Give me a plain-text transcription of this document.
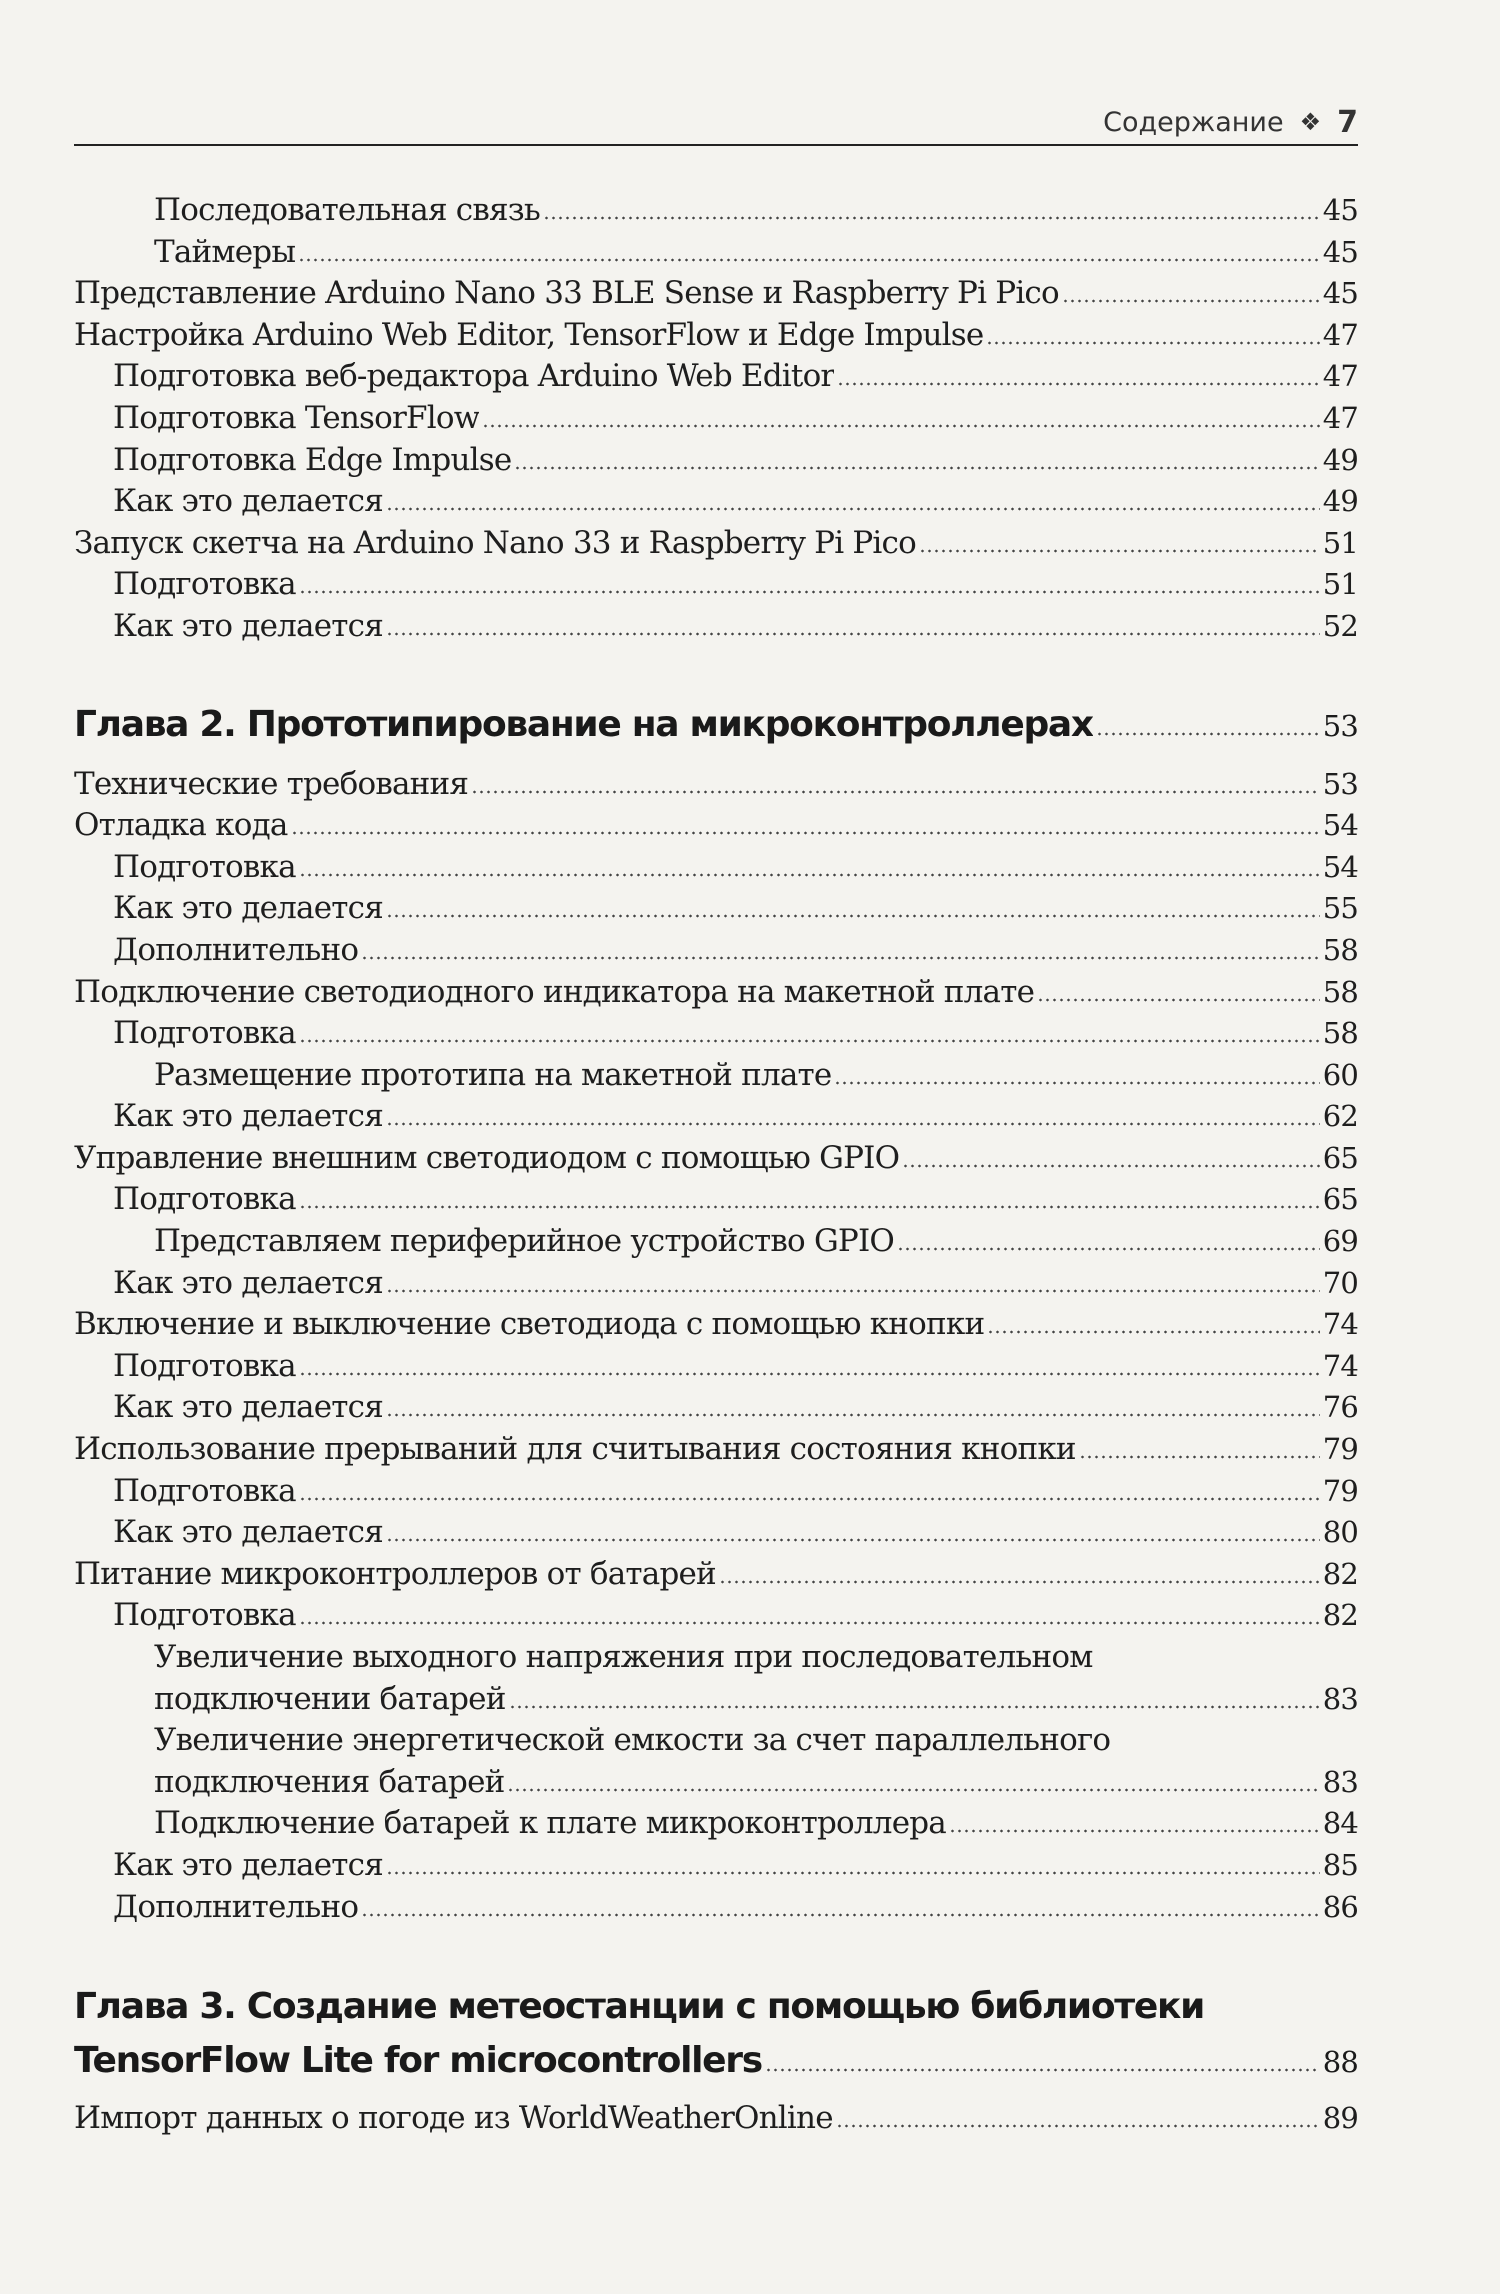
Содержание ❖ 7
Последовательная связь	45
Таймеры	45
Представление Arduino Nano 33 BLE Sense и Raspberry Pi Pico	45
Настройка Arduino Web Editor, TensorFlow и Edge Impulse	47
Подготовка веб-редактора Arduino Web Editor	47
Подготовка TensorFlow	47
Подготовка Edge Impulse	49
Как это делается	49
Запуск скетча на Arduino Nano 33 и Raspberry Pi Pico	51
Подготовка	51
Как это делается	52
Глава 2. Прототипирование на микроконтроллерах	53
Технические требования	53
Отладка кода	54
Подготовка	54
Как это делается	55
Дополнительно	58
Подключение светодиодного индикатора на макетной плате	58
Подготовка	58
Размещение прототипа на макетной плате	60
Как это делается	62
Управление внешним светодиодом с помощью GPIO	65
Подготовка	65
Представляем периферийное устройство GPIO	69
Как это делается	70
Включение и выключение светодиода с помощью кнопки	74
Подготовка	74
Как это делается	76
Использование прерываний для считывания состояния кнопки	79
Подготовка	79
Как это делается	80
Питание микроконтроллеров от батарей	82
Подготовка	82
Увеличение выходного напряжения при последовательном
подключении батарей	83
Увеличение энергетической емкости за счет параллельного
подключения батарей	83
Подключение батарей к плате микроконтроллера	84
Как это делается	85
Дополнительно	86
Глава 3. Создание метеостанции с помощью библиотеки
TensorFlow Lite for microcontrollers	88
Импорт данных о погоде из WorldWeatherOnline	89
